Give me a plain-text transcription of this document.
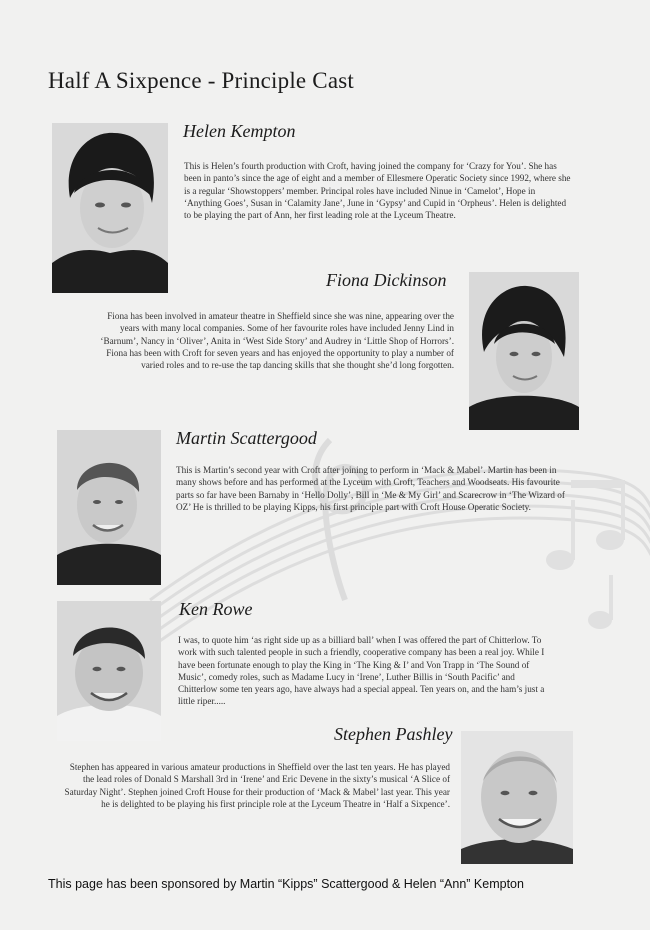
Half A Sixpence - Principle Cast
Helen Kempton

This is Helen’s fourth production with Croft, having joined the company for ‘Crazy for You’. She has been in panto’s since the age of eight and a member of Ellesmere Operatic Society since 1992, where she is a regular ‘Showstoppers’ member. Principal roles have included Ninue in ‘Camelot’, Hope in ‘Anything Goes’, Susan in ‘Calamity Jane’, June in ‘Gypsy’ and Cupid in ‘Orpheus’. Helen is delighted to be playing the part of Ann, her first leading role at the Lyceum Theatre.

Fiona Dickinson

Fiona has been involved in amateur theatre in Sheffield since she was nine, appearing over the years with many local companies. Some of her favourite roles have included Jenny Lind in ‘Barnum’, Nancy in ‘Oliver’, Anita in ‘West Side Story’ and Audrey in ‘Little Shop of Horrors’. Fiona has been with Croft for seven years and has enjoyed the opportunity to play a number of varied roles and to re-use the tap dancing skills that she thought she’d long forgotten.

Martin Scattergood

This is Martin’s second year with Croft after joining to perform in ‘Mack & Mabel’. Martin has been in many shows before and has performed at the Lyceum with Croft, Teachers and Woodseats. His favourite parts so far have been Barnaby in ‘Hello Dolly’, Bill in ‘Me & My Girl’ and Scarecrow in ‘The Wizard of OZ’ He is thrilled to be playing Kipps, his first principle part with Croft House Operatic Society.

Ken Rowe

I was, to quote him ‘as right side up as a billiard ball’ when I was offered the part of Chitterlow. To work with such talented people in such a friendly, cooperative company has been a real joy. While I have been fortunate enough to play the King in ‘The King & I’ and Von Trapp in ‘The Sound of Music’, comedy roles, such as Madame Lucy in ‘Irene’, Luther Billis in ‘South Pacific’ and Chitterlow some ten years ago, have always had a special appeal. Ten years on, and the ham’s just a little riper.....

Stephen Pashley

Stephen has appeared in various amateur productions in Sheffield over the last ten years. He has played the lead roles of Donald S Marshall 3rd in ‘Irene’ and Eric Devene in the sixty’s musical ‘A Slice of Saturday Night’. Stephen joined Croft House for their production of ‘Mack & Mabel’ last year. This year he is delighted to be playing his first principle role at the Lyceum Theatre in ‘Half a Sixpence’.

This page has been sponsored by Martin “Kipps” Scattergood & Helen “Ann” Kempton
